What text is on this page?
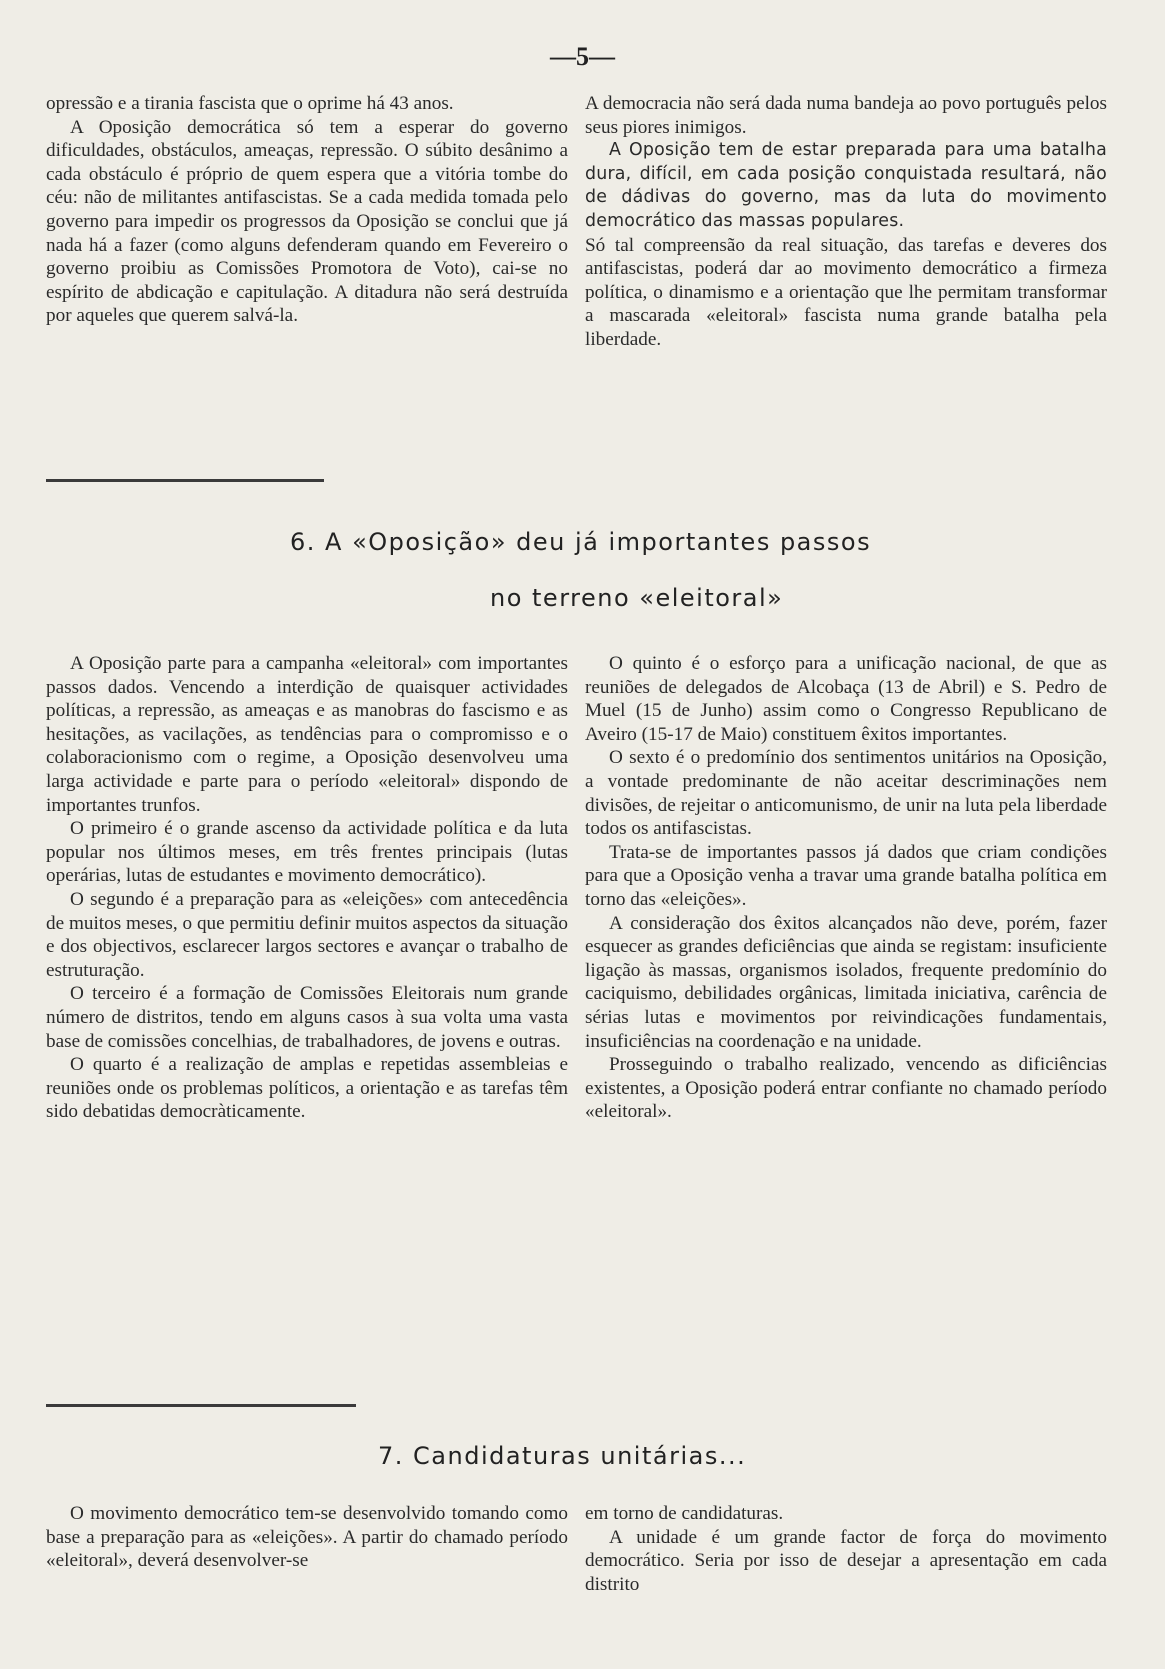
—5—

opressão e a tirania fascista que o oprime há 43 anos.

A Oposição democrática só tem a esperar do governo dificuldades, obstáculos, ameaças, repressão. O súbito desânimo a cada obstáculo é próprio de quem espera que a vitória tombe do céu: não de militantes antifascistas. Se a cada medida tomada pelo governo para impedir os progressos da Oposição se conclui que já nada há a fazer (como alguns defenderam quando em Fevereiro o governo proibiu as Comissões Promotora de Voto), cai-se no espírito de abdicação e capitulação. A ditadura não será destruída por aqueles que querem salvá-la.

A democracia não será dada numa bandeja ao povo português pelos seus piores inimigos.

A Oposição tem de estar preparada para uma batalha dura, difícil, em cada posição conquistada resultará, não de dádivas do governo, mas da luta do movimento democrático das massas populares.

Só tal compreensão da real situação, das tarefas e deveres dos antifascistas, poderá dar ao movimento democrático a firmeza política, o dinamismo e a orientação que lhe permitam transformar a mascarada «eleitoral» fascista numa grande batalha pela liberdade.

6. A «Oposição» deu já importantes passos
no terreno «eleitoral»

A Oposição parte para a campanha «eleitoral» com importantes passos dados. Vencendo a interdição de quaisquer actividades políticas, a repressão, as ameaças e as manobras do fascismo e as hesitações, as vacilações, as tendências para o compromisso e o colaboracionismo com o regime, a Oposição desenvolveu uma larga actividade e parte para o período «eleitoral» dispondo de importantes trunfos.

O primeiro é o grande ascenso da actividade política e da luta popular nos últimos meses, em três frentes principais (lutas operárias, lutas de estudantes e movimento democrático).

O segundo é a preparação para as «eleições» com antecedência de muitos meses, o que permitiu definir muitos aspectos da situação e dos objectivos, esclarecer largos sectores e avançar o trabalho de estruturação.

O terceiro é a formação de Comissões Eleitorais num grande número de distritos, tendo em alguns casos à sua volta uma vasta base de comissões concelhias, de trabalhadores, de jovens e outras.

O quarto é a realização de amplas e repetidas assembleias e reuniões onde os problemas políticos, a orientação e as tarefas têm sido debatidas democràticamente.

O quinto é o esforço para a unificação nacional, de que as reuniões de delegados de Alcobaça (13 de Abril) e S. Pedro de Muel (15 de Junho) assim como o Congresso Republicano de Aveiro (15-17 de Maio) constituem êxitos importantes.

O sexto é o predomínio dos sentimentos unitários na Oposição, a vontade predominante de não aceitar descriminações nem divisões, de rejeitar o anticomunismo, de unir na luta pela liberdade todos os antifascistas.

Trata-se de importantes passos já dados que criam condições para que a Oposição venha a travar uma grande batalha política em torno das «eleições».

A consideração dos êxitos alcançados não deve, porém, fazer esquecer as grandes deficiências que ainda se registam: insuficiente ligação às massas, organismos isolados, frequente predomínio do caciquismo, debilidades orgânicas, limitada iniciativa, carência de sérias lutas e movimentos por reivindicações fundamentais, insuficiências na coordenação e na unidade.

Prosseguindo o trabalho realizado, vencendo as dificiências existentes, a Oposição poderá entrar confiante no chamado período «eleitoral».

7. Candidaturas unitárias...

O movimento democrático tem-se desenvolvido tomando como base a preparação para as «eleições». A partir do chamado período «eleitoral», deverá desenvolver-se

em torno de candidaturas.

A unidade é um grande factor de força do movimento democrático. Seria por isso de desejar a apresentação em cada distrito
